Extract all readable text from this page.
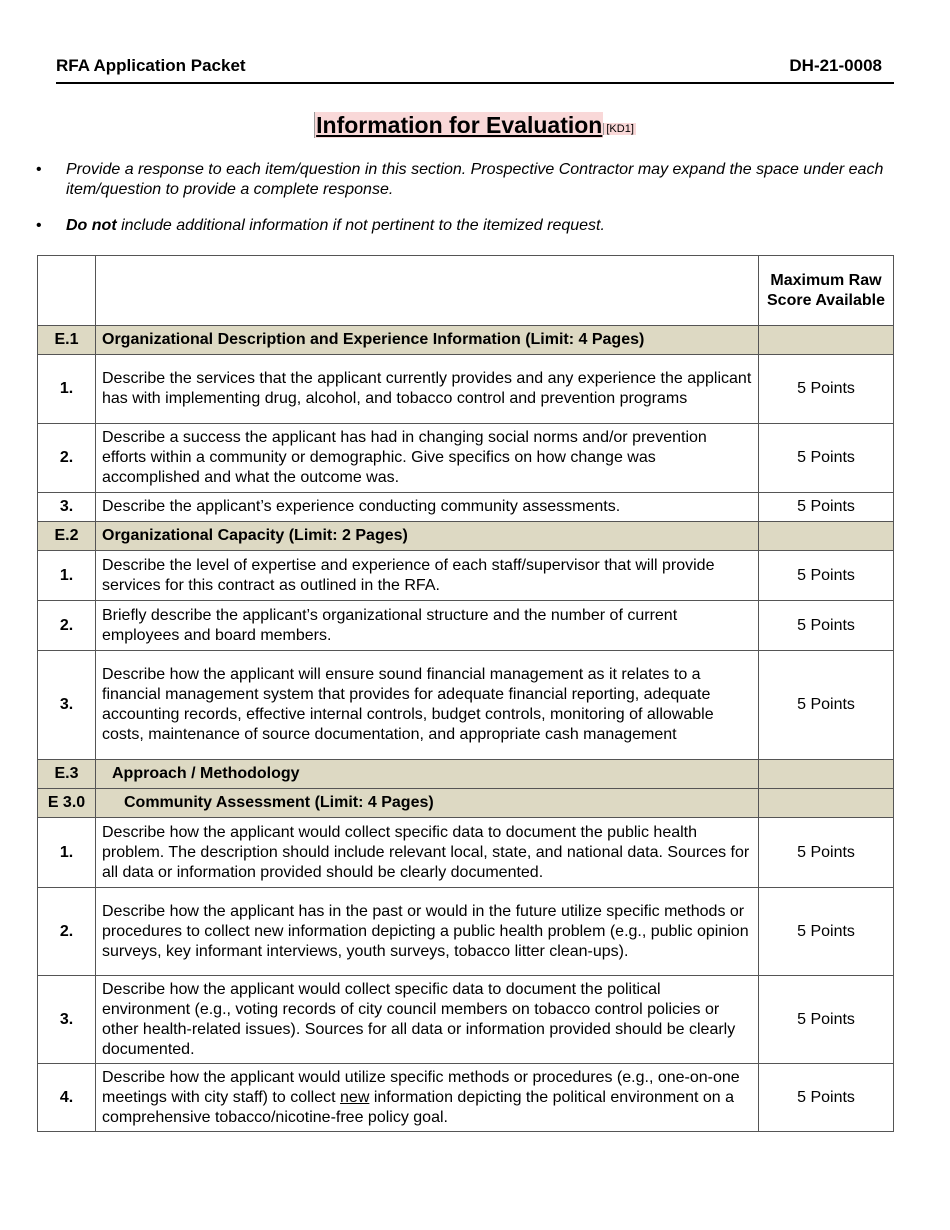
RFA Application Packet	DH-21-0008
Information for Evaluation [KD1]
• Provide a response to each item/question in this section. Prospective Contractor may expand the space under each item/question to provide a complete response.
• Do not include additional information if not pertinent to the itemized request.
		Maximum Raw Score Available
E.1	Organizational Description and Experience Information (Limit: 4 Pages)	
1.	Describe the services that the applicant currently provides and any experience the applicant has with implementing drug, alcohol, and tobacco control and prevention programs	5 Points
2.	Describe a success the applicant has had in changing social norms and/or prevention efforts within a community or demographic. Give specifics on how change was accomplished and what the outcome was.	5 Points
3.	Describe the applicant’s experience conducting community assessments.	5 Points
E.2	Organizational Capacity (Limit: 2 Pages)	
1.	Describe the level of expertise and experience of each staff/supervisor that will provide services for this contract as outlined in the RFA.	5 Points
2.	Briefly describe the applicant’s organizational structure and the number of current employees and board members.	5 Points
3.	Describe how the applicant will ensure sound financial management as it relates to a financial management system that provides for adequate financial reporting, adequate accounting records, effective internal controls, budget controls, monitoring of allowable costs, maintenance of source documentation, and appropriate cash management	5 Points
E.3	Approach / Methodology	
E 3.0	Community Assessment (Limit: 4 Pages)	
1.	Describe how the applicant would collect specific data to document the public health problem. The description should include relevant local, state, and national data. Sources for all data or information provided should be clearly documented.	5 Points
2.	Describe how the applicant has in the past or would in the future utilize specific methods or procedures to collect new information depicting a public health problem (e.g., public opinion surveys, key informant interviews, youth surveys, tobacco litter clean-ups).	5 Points
3.	Describe how the applicant would collect specific data to document the political environment (e.g., voting records of city council members on tobacco control policies or other health-related issues). Sources for all data or information provided should be clearly documented.	5 Points
4.	Describe how the applicant would utilize specific methods or procedures (e.g., one-on-one meetings with city staff) to collect new information depicting the political environment on a comprehensive tobacco/nicotine-free policy goal.	5 Points
